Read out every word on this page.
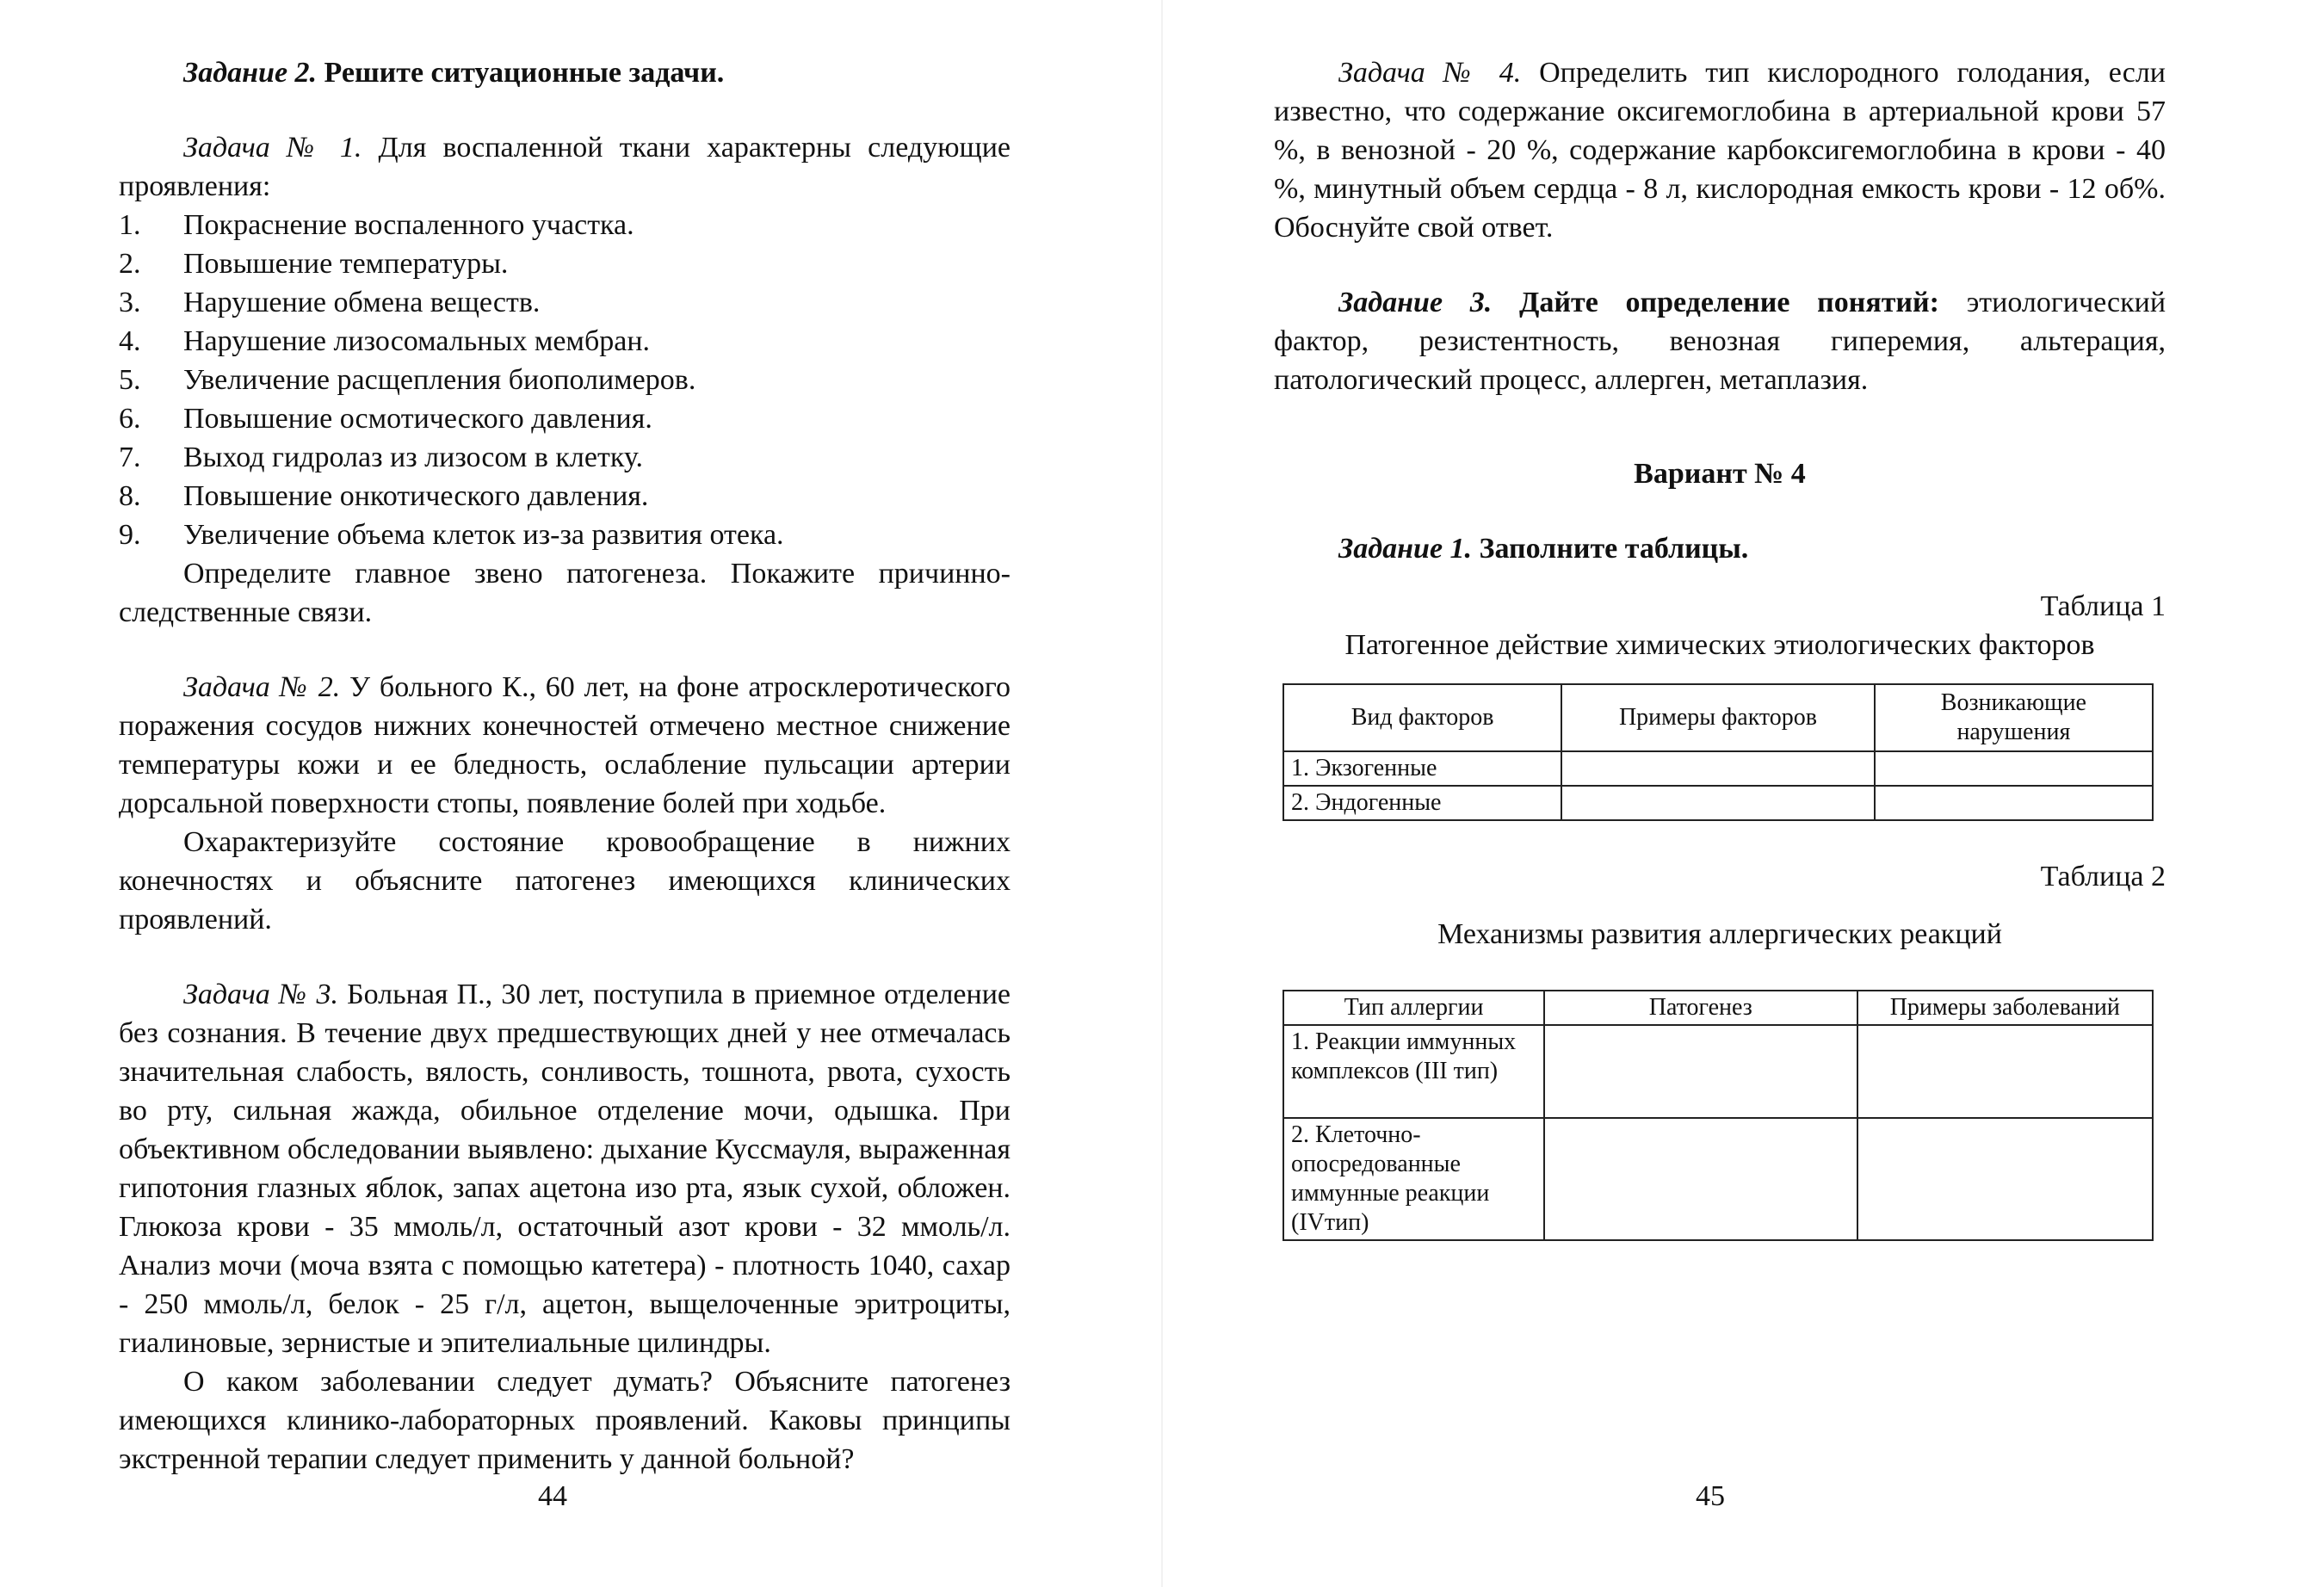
Задание 2. Решите ситуационные задачи.

Задача № 1. Для воспаленной ткани характерны следующие проявления:

1.	Покраснение воспаленного участка.
2.	Повышение температуры.
3.	Нарушение обмена веществ.
4.	Нарушение лизосомальных мембран.
5.	Увеличение расщепления биополимеров.
6.	Повышение осмотического давления.
7.	Выход гидролаз из лизосом в клетку.
8.	Повышение онкотического давления.
9.	Увеличение объема клеток из-за развития отека.

Определите главное звено патогенеза. Покажите причинно-следственные связи.

Задача № 2. У больного К., 60 лет, на фоне атросклеротического поражения сосудов нижних конечностей отмечено местное снижение температуры кожи и ее бледность, ослабление пульсации артерии дорсальной поверхности стопы, появление болей при ходьбе.

Охарактеризуйте состояние кровообращение в нижних конечностях и объясните патогенез имеющихся клинических проявлений.

Задача № 3. Больная П., 30 лет, поступила в приемное отделение без сознания. В течение двух предшествующих дней у нее отмечалась значительная слабость, вялость, сонливость, тошнота, рвота, сухость во рту, сильная жажда, обильное отделение мочи, одышка. При объективном обследовании выявлено: дыхание Куссмауля, выраженная гипотония глазных яблок, запах ацетона изо рта, язык сухой, обложен. Глюкоза крови - 35 ммоль/л, остаточный азот крови - 32 ммоль/л. Анализ мочи (моча взята с помощью катетера) - плотность 1040, сахар - 250 ммоль/л, белок - 25 г/л, ацетон, выщелоченные эритроциты, гиалиновые, зернистые и эпителиальные цилиндры.

О каком заболевании следует думать? Объясните патогенез имеющихся клинико-лабораторных проявлений. Каковы принципы экстренной терапии следует применить у данной больной?

44

Задача № 4. Определить тип кислородного голодания, если известно, что содержание оксигемоглобина в артериальной крови 57 %, в венозной - 20 %, содержание карбоксигемоглобина в крови - 40 %, минутный объем сердца - 8 л, кислородная емкость крови - 12 об%. Обоснуйте свой ответ.

Задание 3. Дайте определение понятий: этиологический фактор, резистентность, венозная гиперемия, альтерация, патологический процесс, аллерген, метаплазия.

Вариант № 4

Задание 1. Заполните таблицы.

Таблица 1

Патогенное действие химических этиологических факторов

Вид факторов	Примеры факторов	Возникающие нарушения
1. Экзогенные		
2. Эндогенные		

Таблица 2

Механизмы развития аллергических реакций

Тип аллергии	Патогенез	Примеры заболеваний
1. Реакции иммунных комплексов (III тип)		
2. Клеточно-опосредованные иммунные реакции (IVтип)		
45
